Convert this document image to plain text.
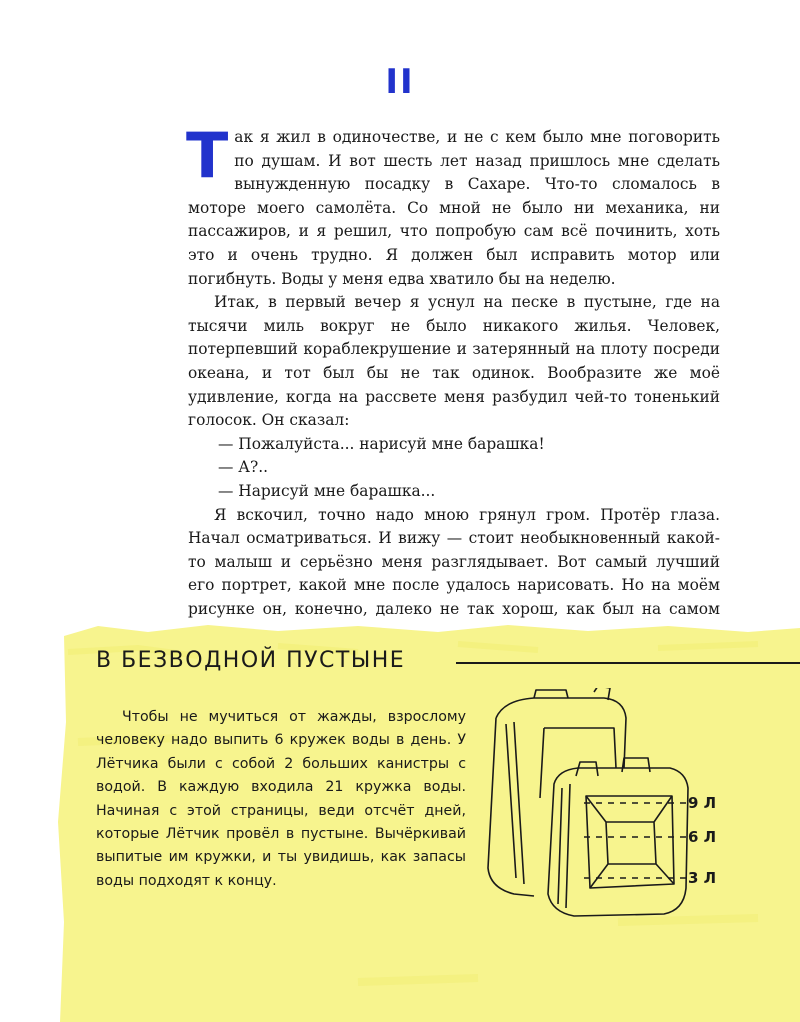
II

Так я жил в одиночестве, и не с кем было мне поговорить по душам. И вот шесть лет назад пришлось мне сделать вынужденную посадку в Сахаре. Что-то сломалось в моторе моего самолёта. Со мной не было ни механика, ни пассажиров, и я решил, что попробую сам всё починить, хоть это и очень трудно. Я должен был исправить мотор или погибнуть. Воды у меня едва хватило бы на неделю.

Итак, в первый вечер я уснул на песке в пустыне, где на тысячи миль вокруг не было никакого жилья. Человек, потерпевший кораблекрушение и затерянный на плоту посреди океана, и тот был бы не так одинок. Вообразите же моё удивление, когда на рассвете меня разбудил чей-то тоненький голосок. Он сказал:

— Пожалуйста... нарисуй мне барашка!

— А?..

— Нарисуй мне барашка...

Я вскочил, точно надо мною грянул гром. Протёр глаза. Начал осматриваться. И вижу — стоит необыкновенный какой-то малыш и серьёзно меня разглядывает. Вот самый лучший его портрет, какой мне после удалось нарисовать. Но на моём рисунке он, конечно, далеко не так хорош, как был на самом

В БЕЗВОДНОЙ ПУСТЫНЕ

Чтобы не мучиться от жажды, взрослому человеку надо выпить 6 кружек воды в день. У Лётчика были с собой 2 больших канистры с водой. В каждую входила 21 кружка воды. Начиная с этой страницы, веди отсчёт дней, которые Лётчик провёл в пустыне. Вычёркивай выпитые им кружки, и ты увидишь, как запасы воды подходят к концу.

9 Л
6 Л
3 Л
